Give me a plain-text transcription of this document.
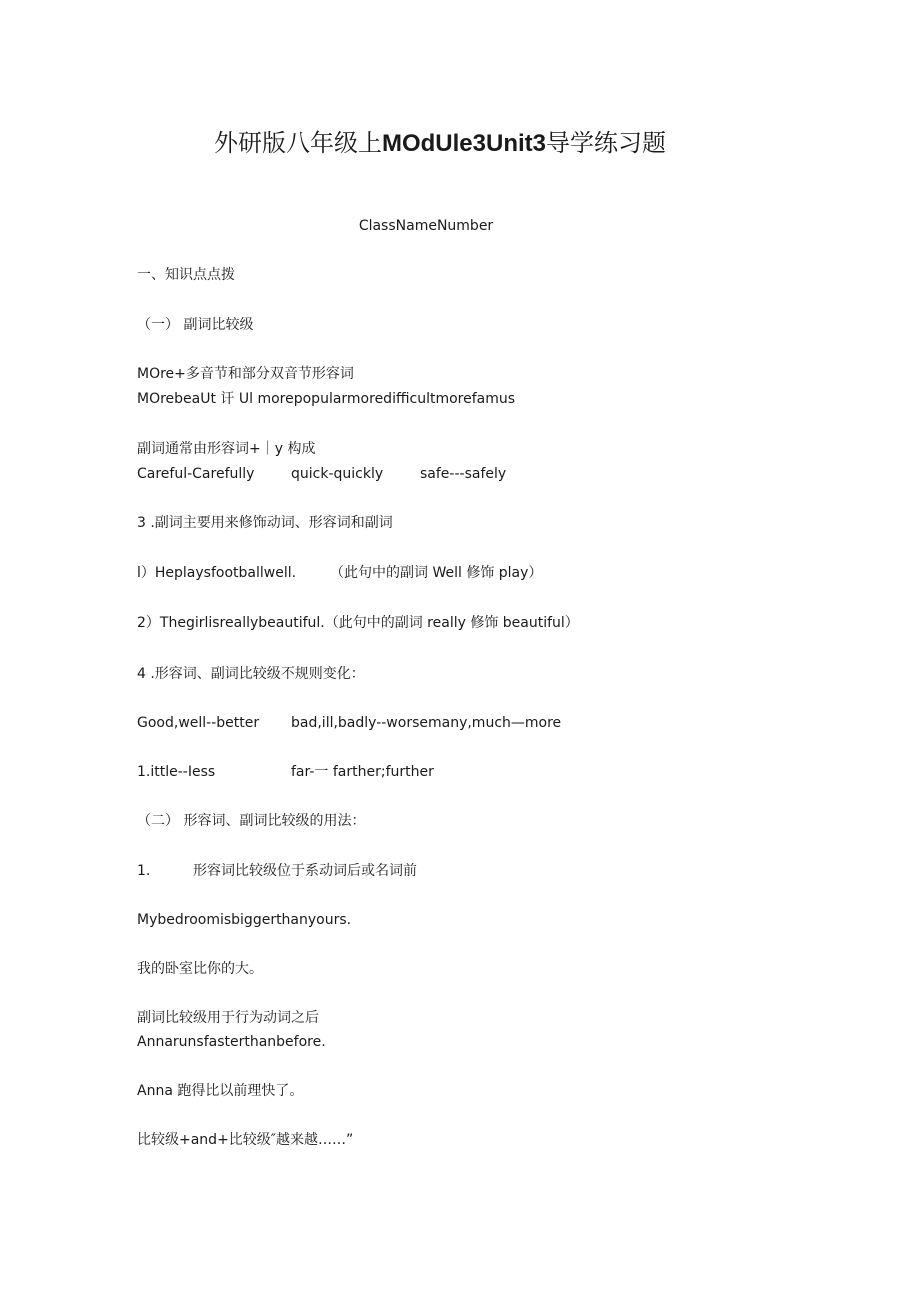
外研版八年级上MOdUle3Unit3导学练习题
ClassNameNumber
一、知识点点拨
（一） 副词比较级
MOre+多音节和部分双音节形容词
MOrebeaUt 讦 Ul morepopularmoredifficultmorefamus
副词通常由形容词+｜y 构成
Careful-Carefully	quick-quickly	safe---safely
3 .副词主要用来修饰动词、形容词和副词
l）Heplaysfootballwell. （此句中的副词 Well 修饰 play）
2）Thegirlisreallybeautiful.（此句中的副词 really 修饰 beautiful）
4 .形容词、副词比较级不规则变化：
Good,well--better bad,ill,badly--worsemany,much—more
1.ittle--Iess	far-一 farther;further
（二） 形容词、副词比较级的用法：
1.	形容词比较级位于系动词后或名词前
Mybedroomisbiggerthanyours.
我的卧室比你的大。
副词比较级用于行为动词之后
Annarunsfasterthanbefore.
Anna 跑得比以前理快了。
比较级+and+比较级″越来越……”
